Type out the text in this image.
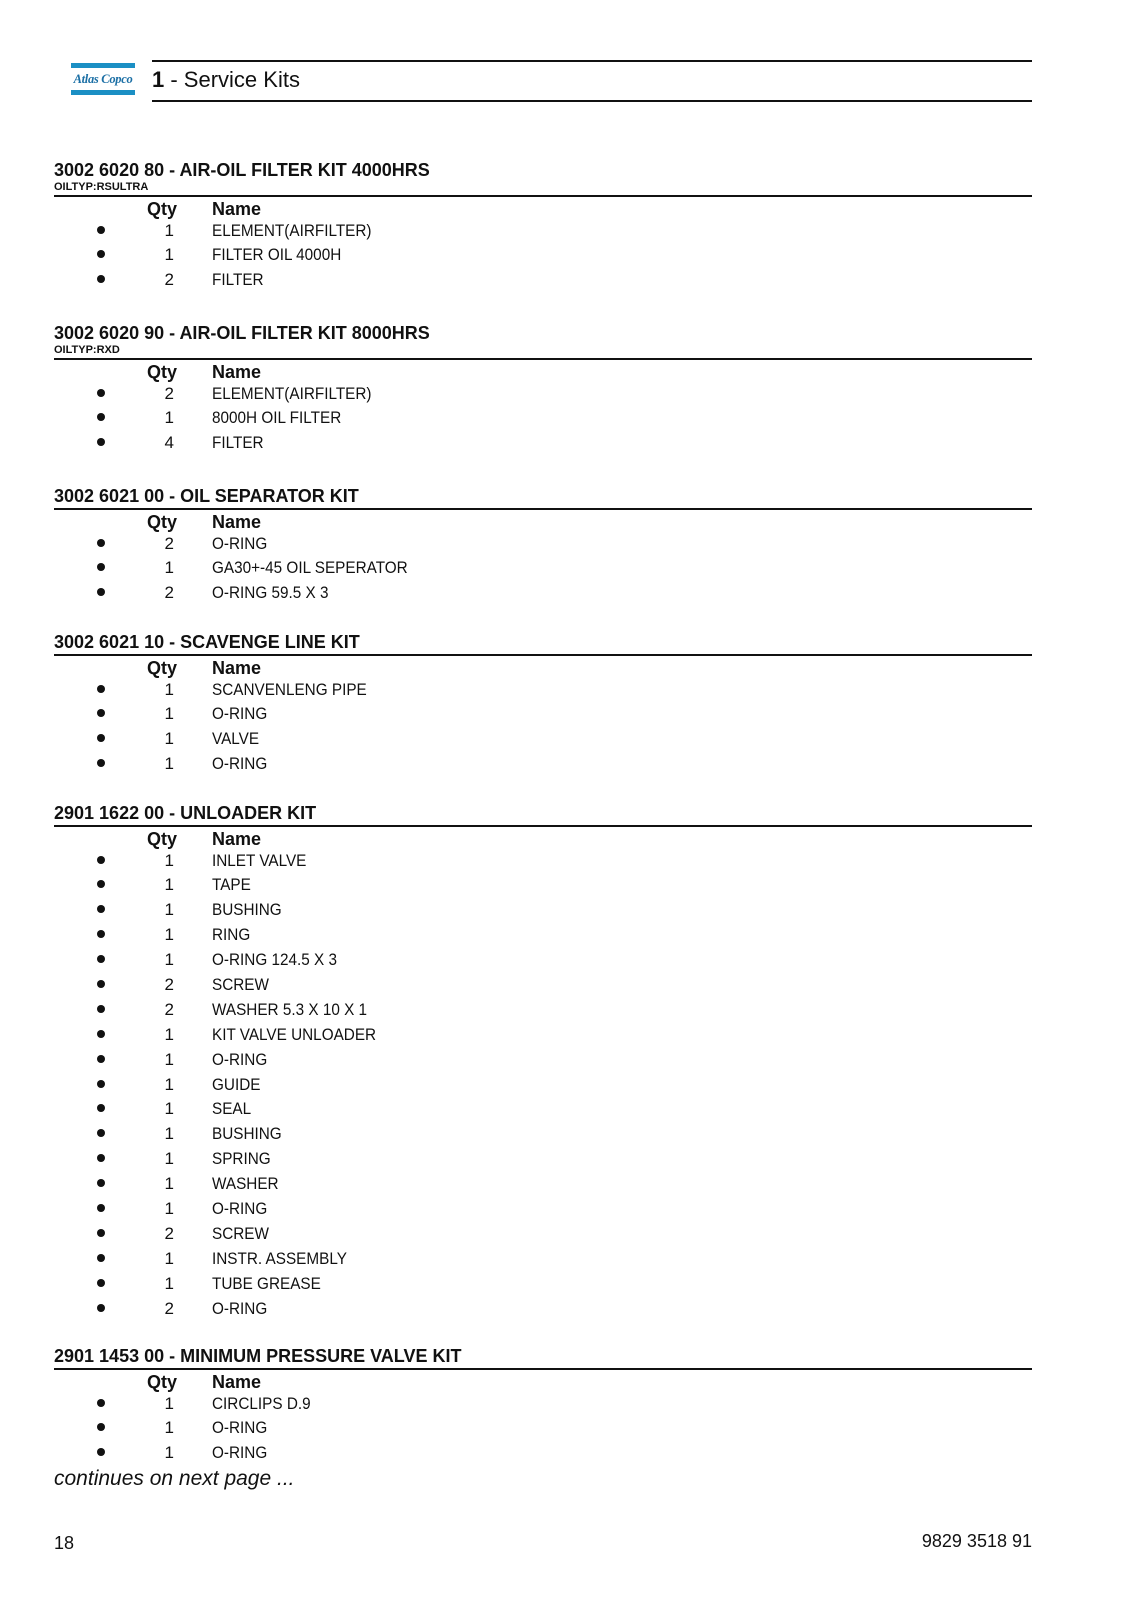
Atlas Copco 1 - Service Kits
3002 6020 80 - AIR-OIL FILTER KIT 4000HRS
OILTYP:RSULTRA
Qty Name
1 ELEMENT(AIRFILTER)
1 FILTER OIL 4000H
2 FILTER
3002 6020 90 - AIR-OIL FILTER KIT 8000HRS
OILTYP:RXD
Qty Name
2 ELEMENT(AIRFILTER)
1 8000H OIL FILTER
4 FILTER
3002 6021 00 - OIL SEPARATOR KIT
Qty Name
2 O-RING
1 GA30+-45 OIL SEPERATOR
2 O-RING 59.5 X 3
3002 6021 10 - SCAVENGE LINE KIT
Qty Name
1 SCANVENLENG PIPE
1 O-RING
1 VALVE
1 O-RING
2901 1622 00 - UNLOADER KIT
Qty Name
1 INLET VALVE
1 TAPE
1 BUSHING
1 RING
1 O-RING 124.5 X 3
2 SCREW
2 WASHER 5.3 X 10 X 1
1 KIT VALVE UNLOADER
1 O-RING
1 GUIDE
1 SEAL
1 BUSHING
1 SPRING
1 WASHER
1 O-RING
2 SCREW
1 INSTR. ASSEMBLY
1 TUBE GREASE
2 O-RING
2901 1453 00 - MINIMUM PRESSURE VALVE KIT
Qty Name
1 CIRCLIPS D.9
1 O-RING
1 O-RING
continues on next page ...
18	9829 3518 91
